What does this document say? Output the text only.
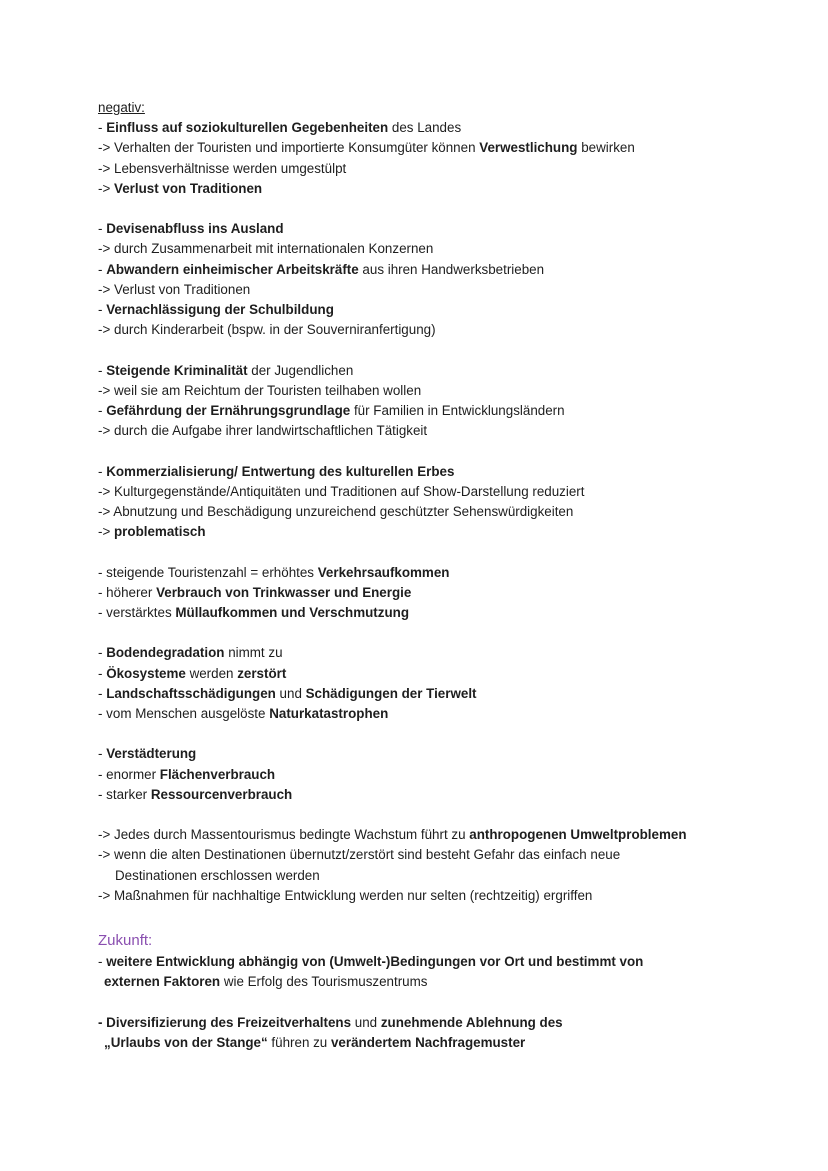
negativ:
- Einfluss auf soziokulturellen Gegebenheiten des Landes
-> Verhalten der Touristen und importierte Konsumgüter können Verwestlichung bewirken
-> Lebensverhältnisse werden umgestülpt
-> Verlust von Traditionen
- Devisenabfluss ins Ausland
-> durch Zusammenarbeit mit internationalen Konzernen
- Abwandern einheimischer Arbeitskräfte aus ihren Handwerksbetrieben
-> Verlust von Traditionen
- Vernachlässigung der Schulbildung
-> durch Kinderarbeit (bspw. in der Souverniranfertigung)
- Steigende Kriminalität der Jugendlichen
-> weil sie am Reichtum der Touristen teilhaben wollen
- Gefährdung der Ernährungsgrundlage für Familien in Entwicklungsländern
-> durch die Aufgabe ihrer landwirtschaftlichen Tätigkeit
- Kommerzialisierung/ Entwertung des kulturellen Erbes
-> Kulturgegenstände/Antiquitäten und Traditionen auf Show-Darstellung reduziert
-> Abnutzung und Beschädigung unzureichend geschützter Sehenswürdigkeiten
-> problematisch
- steigende Touristenzahl = erhöhtes Verkehrsaufkommen
- höherer Verbrauch von Trinkwasser und Energie
- verstärktes Müllaufkommen und Verschmutzung
- Bodendegradation nimmt zu
- Ökosysteme werden zerstört
- Landschaftsschädigungen und Schädigungen der Tierwelt
- vom Menschen ausgelöste Naturkatastrophen
- Verstädterung
- enormer Flächenverbrauch
- starker Ressourcenverbrauch
-> Jedes durch Massentourismus bedingte Wachstum führt zu anthropogenen Umweltproblemen
-> wenn die alten Destinationen übernutzt/zerstört sind besteht Gefahr das einfach neue
Destinationen erschlossen werden
-> Maßnahmen für nachhaltige Entwicklung werden nur selten (rechtzeitig) ergriffen
Zukunft:
- weitere Entwicklung abhängig von (Umwelt-)Bedingungen vor Ort und bestimmt von
externen Faktoren wie Erfolg des Tourismuszentrums
- Diversifizierung des Freizeitverhaltens und zunehmende Ablehnung des
„Urlaubs von der Stange“ führen zu verändertem Nachfragemuster
